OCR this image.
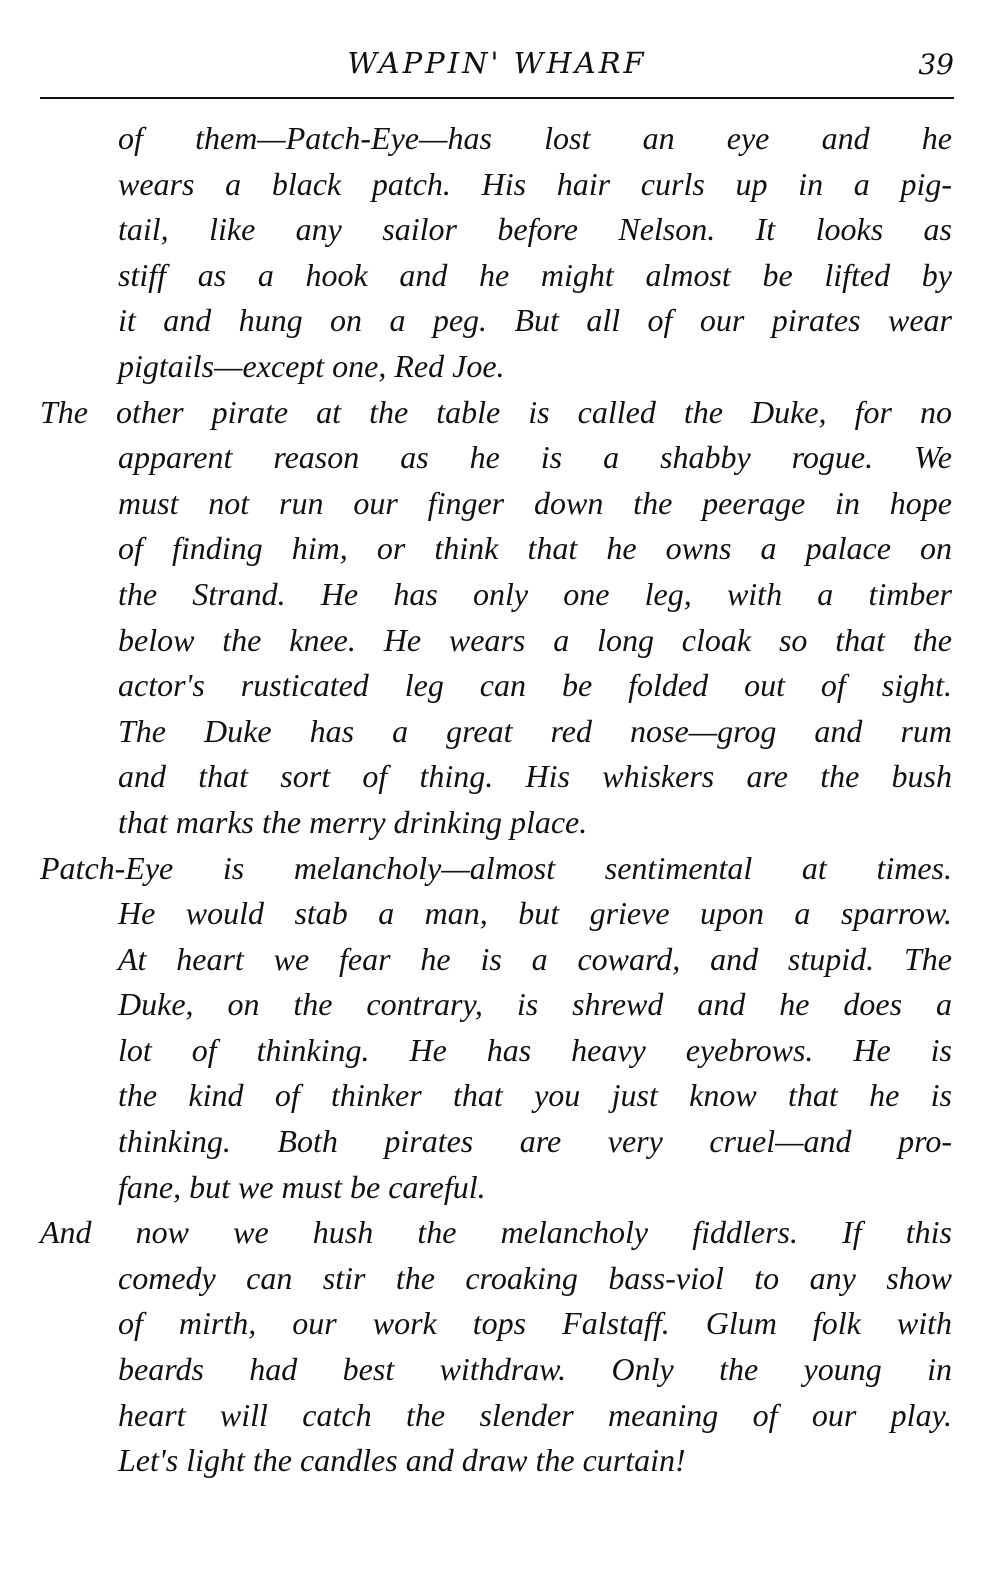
WAPPIN' WHARF	39
of them—Patch-Eye—has lost an eye and he
wears a black patch. His hair curls up in a pig-
tail, like any sailor before Nelson. It looks as
stiff as a hook and he might almost be lifted by
it and hung on a peg. But all of our pirates wear
pigtails—except one, Red Joe.
The other pirate at the table is called the Duke, for no
apparent reason as he is a shabby rogue. We
must not run our finger down the peerage in hope
of finding him, or think that he owns a palace on
the Strand. He has only one leg, with a timber
below the knee. He wears a long cloak so that the
actor's rusticated leg can be folded out of sight.
The Duke has a great red nose—grog and rum
and that sort of thing. His whiskers are the bush
that marks the merry drinking place.
Patch-Eye is melancholy—almost sentimental at times.
He would stab a man, but grieve upon a sparrow.
At heart we fear he is a coward, and stupid. The
Duke, on the contrary, is shrewd and he does a
lot of thinking. He has heavy eyebrows. He is
the kind of thinker that you just know that he is
thinking. Both pirates are very cruel—and pro-
fane, but we must be careful.
And now we hush the melancholy fiddlers. If this
comedy can stir the croaking bass-viol to any show
of mirth, our work tops Falstaff. Glum folk with
beards had best withdraw. Only the young in
heart will catch the slender meaning of our play.
Let's light the candles and draw the curtain!
